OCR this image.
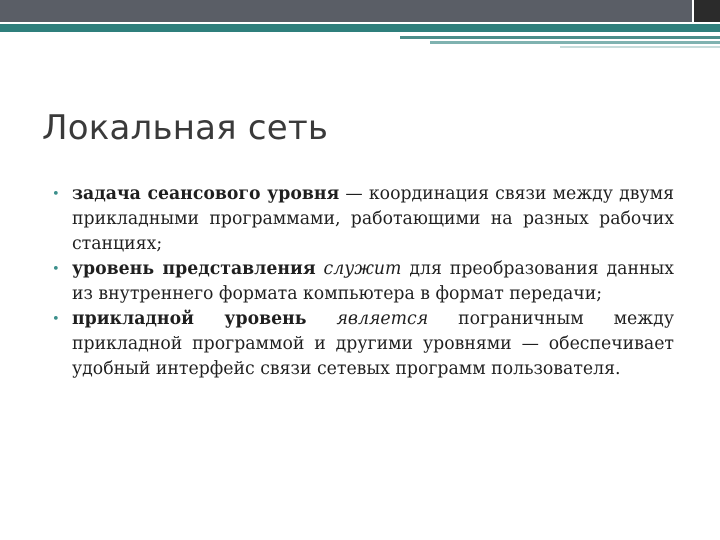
Локальная сеть
• задача сеансового уровня — координация связи между двумя прикладными программами, работающими на разных рабочих станциях;
• уровень представления служит для преобразования данных из внутреннего формата компьютера в формат передачи;
• прикладной уровень является пограничным между прикладной программой и другими уровнями — обеспечивает удобный интерфейс связи сетевых программ пользователя.
